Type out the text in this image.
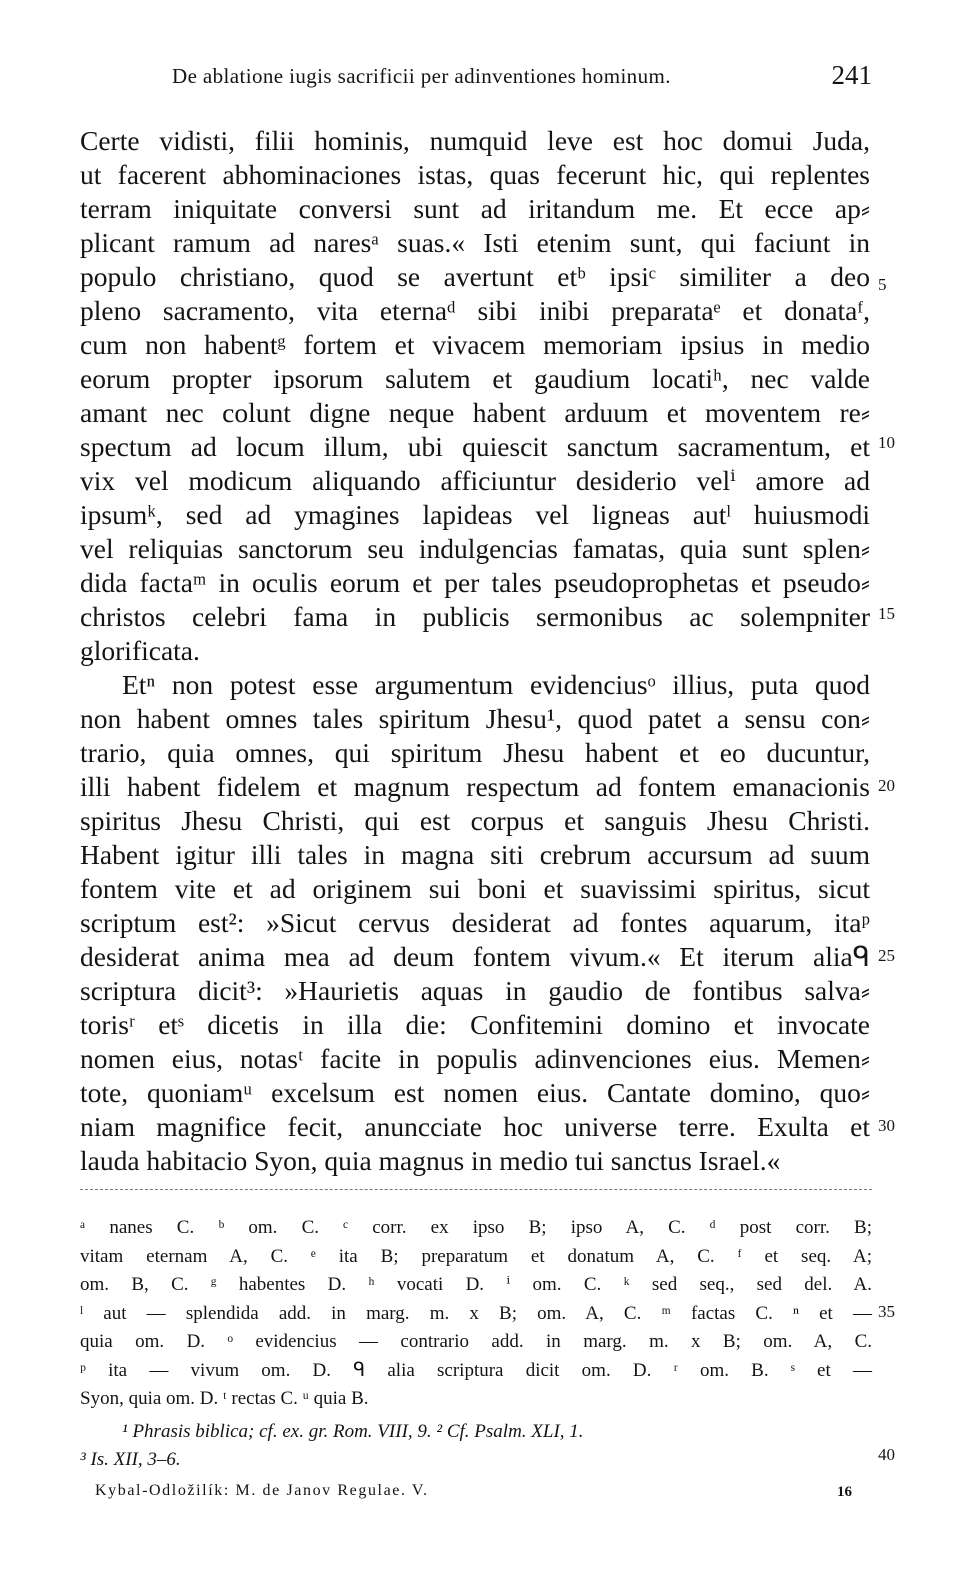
De ablatione iugis sacrificii per adinventiones hominum.	241
Certe vidisti, filii hominis, numquid leve est hoc domui Juda,
ut facerent abhominaciones istas, quas fecerunt hic, qui replentes
terram iniquitate conversi sunt ad iritandum me. Et ecce ap⸗
plicant ramum ad naresᵃ suas.« Isti etenim sunt, qui faciunt in
populo christiano, quod se avertunt etᵇ ipsiᶜ similiter a deo
pleno sacramento, vita eternaᵈ sibi inibi preparataᵉ et donataᶠ,
cum non habentᵍ fortem et vivacem memoriam ipsius in medio
eorum propter ipsorum salutem et gaudium locatiʰ, nec valde
amant nec colunt digne neque habent arduum et moventem re⸗
spectum ad locum illum, ubi quiescit sanctum sacramentum, et
vix vel modicum aliquando afficiuntur desiderio velⁱ amore ad
ipsumᵏ, sed ad ymagines lapideas vel ligneas autˡ huiusmodi
vel reliquias sanctorum seu indulgencias famatas, quia sunt splen⸗
dida factaᵐ in oculis eorum et per tales pseudoprophetas et pseudo⸗
christos celebri fama in publicis sermonibus ac solempniter
glorificata.
Etⁿ non potest esse argumentum evidenciusᵒ illius, puta quod
non habent omnes tales spiritum Jhesu¹, quod patet a sensu con⸗
trario, quia omnes, qui spiritum Jhesu habent et eo ducuntur,
illi habent fidelem et magnum respectum ad fontem emanacionis
spiritus Jhesu Christi, qui est corpus et sanguis Jhesu Christi.
Habent igitur illi tales in magna siti crebrum accursum ad suum
fontem vite et ad originem sui boni et suavissimi spiritus, sicut
scriptum est²: »Sicut cervus desiderat ad fontes aquarum, itaᵖ
desiderat anima mea ad deum fontem vivum.« Et iterum aliaᑫ
scriptura dicit³: »Haurietis aquas in gaudio de fontibus salva⸗
torisʳ etˢ dicetis in illa die: Confitemini domino et invocate
nomen eius, notasᵗ facite in populis adinvenciones eius. Memen⸗
tote, quoniamᵘ excelsum est nomen eius. Cantate domino, quo⸗
niam magnifice fecit, anuncciate hoc universe terre. Exulta et
lauda habitacio Syon, quia magnus in medio tui sanctus Israel.«
5
10
15
20
25
30
35
40
ᵃ nanes C. ᵇ om. C. ᶜ corr. ex ipso B; ipso A, C. ᵈ post corr. B;
vitam eternam A, C. ᵉ ita B; preparatum et donatum A, C. ᶠ et seq. A;
om. B, C. ᵍ habentes D. ʰ vocati D. ⁱ om. C. ᵏ sed seq., sed del. A.
ˡ aut — splendida add. in marg. m. x B; om. A, C. ᵐ factas C. ⁿ et —
quia om. D. ᵒ evidencius — contrario add. in marg. m. x B; om. A, C.
ᵖ ita — vivum om. D. ᑫ alia scriptura dicit om. D. ʳ om. B. ˢ et —
Syon, quia om. D. ᵗ rectas C. ᵘ quia B.
¹ Phrasis biblica; cf. ex. gr. Rom. VIII, 9. ² Cf. Psalm. XLI, 1.
³ Is. XII, 3–6.
Kybal-Odložilík: M. de Janov Regulae. V.	16
